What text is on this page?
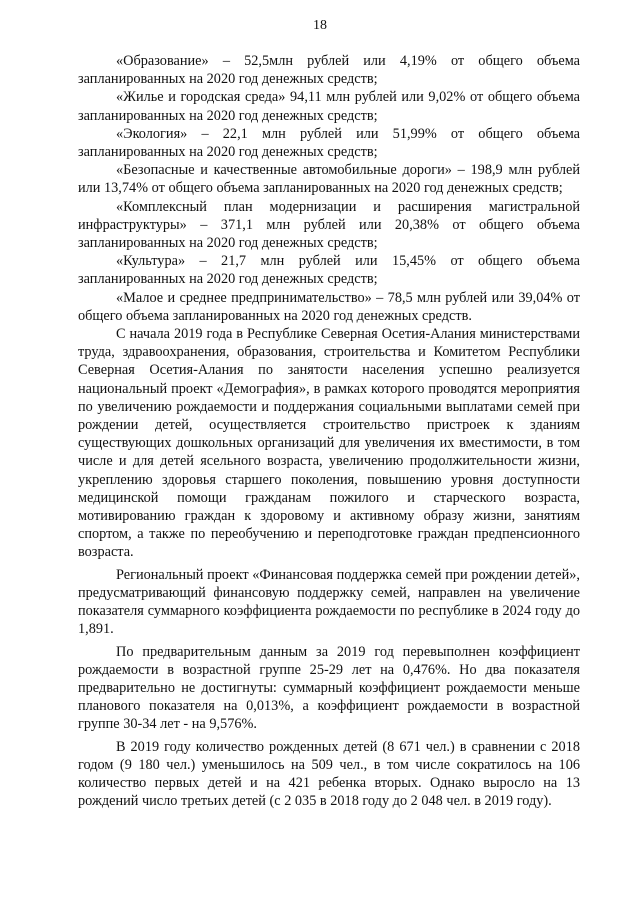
18

«Образование» – 52,5млн рублей или 4,19% от общего объема запланированных на 2020 год денежных средств;

«Жилье и городская среда» 94,11 млн рублей или 9,02% от общего объема запланированных на 2020 год денежных средств;

«Экология» – 22,1 млн рублей или 51,99% от общего объема запланированных на 2020 год денежных средств;

«Безопасные и качественные автомобильные дороги» – 198,9 млн рублей или 13,74% от общего объема запланированных на 2020 год денежных средств;

«Комплексный план модернизации и расширения магистральной инфраструктуры» – 371,1 млн рублей или 20,38% от общего объема запланированных на 2020 год денежных средств;

«Культура» – 21,7 млн рублей или 15,45% от общего объема запланированных на 2020 год денежных средств;

«Малое и среднее предпринимательство» – 78,5 млн рублей или 39,04% от общего объема запланированных на 2020 год денежных средств.

С начала 2019 года в Республике Северная Осетия-Алания министерствами труда, здравоохранения, образования, строительства и Комитетом Республики Северная Осетия-Алания по занятости населения успешно реализуется национальный проект «Демография», в рамках которого проводятся мероприятия по увеличению рождаемости и поддержания социальными выплатами семей при рождении детей, осуществляется строительство пристроек к зданиям существующих дошкольных организаций для увеличения их вместимости, в том числе и для детей ясельного возраста, увеличению продолжительности жизни, укреплению здоровья старшего поколения, повышению уровня доступности медицинской помощи гражданам пожилого и старческого возраста, мотивированию граждан к здоровому и активному образу жизни, занятиям спортом, а также по переобучению и переподготовке граждан предпенсионного возраста.

Региональный проект «Финансовая поддержка семей при рождении детей», предусматривающий финансовую поддержку семей, направлен на увеличение показателя суммарного коэффициента рождаемости по республике в 2024 году до 1,891.

По предварительным данным за 2019 год перевыполнен коэффициент рождаемости в возрастной группе 25-29 лет на 0,476%. Но два показателя предварительно не достигнуты: суммарный коэффициент рождаемости меньше планового показателя на 0,013%, а коэффициент рождаемости в возрастной группе 30-34 лет - на 9,576%.

В 2019 году количество рожденных детей (8 671 чел.) в сравнении с 2018 годом (9 180 чел.) уменьшилось на 509 чел., в том числе сократилось на 106 количество первых детей и на 421 ребенка вторых. Однако выросло на 13 рождений число третьих детей (с 2 035 в 2018 году до 2 048 чел. в 2019 году).
